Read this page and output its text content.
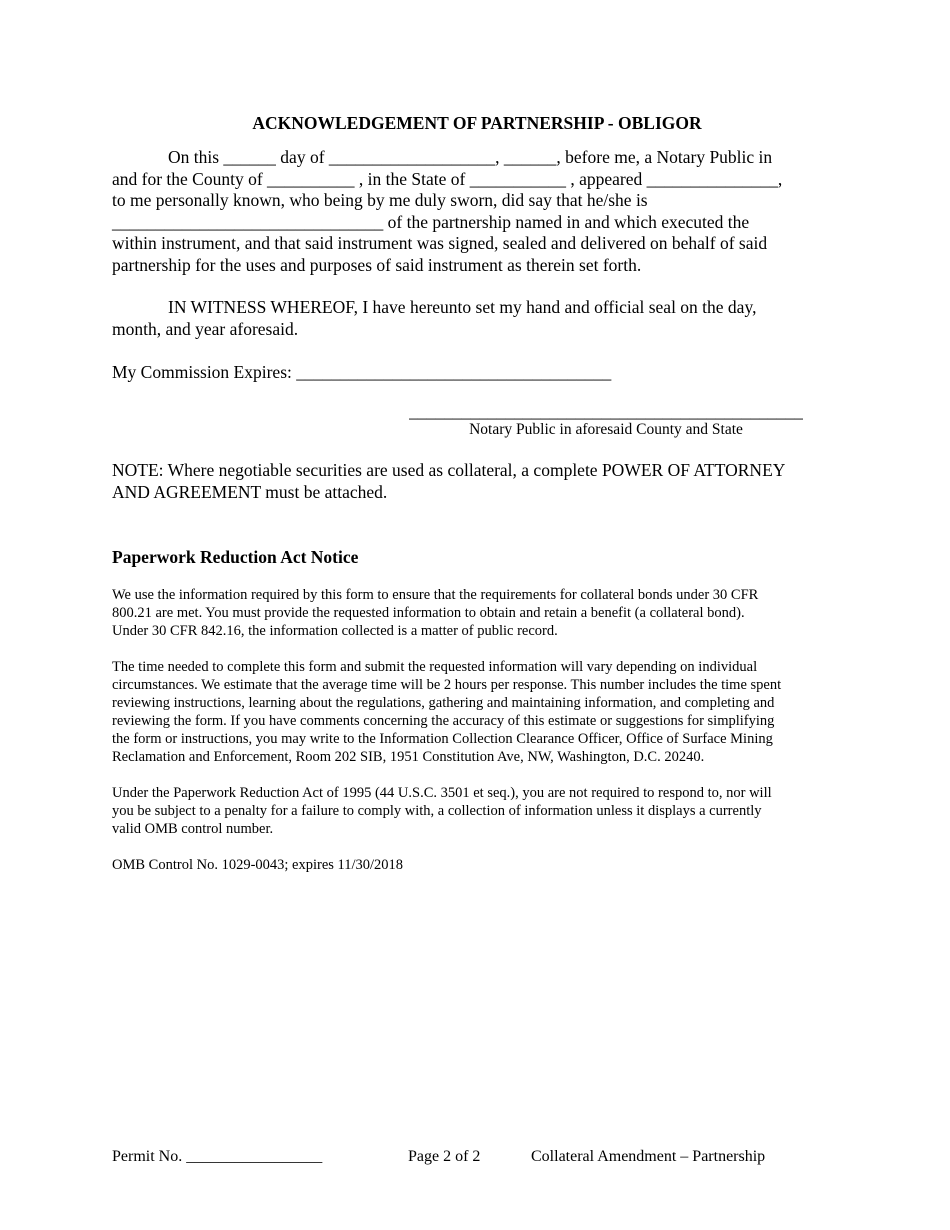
ACKNOWLEDGEMENT OF PARTNERSHIP - OBLIGOR
On this ______ day of ___________________, ______, before me, a Notary Public in
and for the County of __________ , in the State of ___________ , appeared _______________,
to me personally known, who being by me duly sworn, did say that he/she is
_______________________________ of the partnership named in and which executed the
within instrument, and that said instrument was signed, sealed and delivered on behalf of said
partnership for the uses and purposes of said instrument as therein set forth.
IN WITNESS WHEREOF, I have hereunto set my hand and official seal on the day,
month, and year aforesaid.
My Commission Expires: ____________________________________
_____________________________________________
Notary Public in aforesaid County and State
NOTE: Where negotiable securities are used as collateral, a complete POWER OF ATTORNEY
AND AGREEMENT must be attached.
Paperwork Reduction Act Notice
We use the information required by this form to ensure that the requirements for collateral bonds under 30 CFR
800.21 are met. You must provide the requested information to obtain and retain a benefit (a collateral bond).
Under 30 CFR 842.16, the information collected is a matter of public record.
The time needed to complete this form and submit the requested information will vary depending on individual
circumstances. We estimate that the average time will be 2 hours per response. This number includes the time spent
reviewing instructions, learning about the regulations, gathering and maintaining information, and completing and
reviewing the form. If you have comments concerning the accuracy of this estimate or suggestions for simplifying
the form or instructions, you may write to the Information Collection Clearance Officer, Office of Surface Mining
Reclamation and Enforcement, Room 202 SIB, 1951 Constitution Ave, NW, Washington, D.C. 20240.
Under the Paperwork Reduction Act of 1995 (44 U.S.C. 3501 et seq.), you are not required to respond to, nor will
you be subject to a penalty for a failure to comply with, a collection of information unless it displays a currently
valid OMB control number.
OMB Control No. 1029-0043; expires 11/30/2018
Permit No. _________________	Page 2 of 2	Collateral Amendment – Partnership
